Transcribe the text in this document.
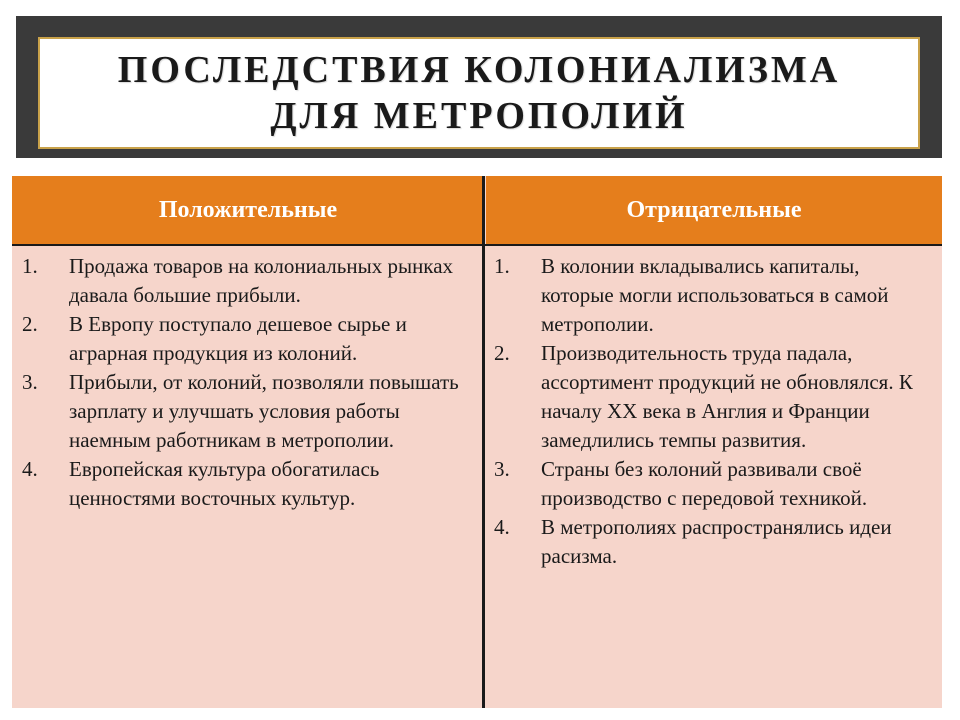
ПОСЛЕДСТВИЯ КОЛОНИАЛИЗМА ДЛЯ МЕТРОПОЛИЙ
Положительные	Отрицательные
1.	Продажа товаров на колониальных рынках давала большие прибыли.
2.	В Европу поступало дешевое сырье и аграрная продукция из колоний.
3.	Прибыли, от колоний, позволяли повышать зарплату и улучшать условия работы наемным работникам в метрополии.
4.	Европейская культура обогатилась ценностями восточных культур.
1.	В колонии вкладывались капиталы, которые могли использоваться в самой метрополии.
2.	Производительность труда падала, ассортимент продукций не обновлялся. К началу XX века в Англия и Франции замедлились темпы развития.
3.	Страны без колоний развивали своё производство с передовой техникой.
4.	В метрополиях распространялись идеи расизма.
